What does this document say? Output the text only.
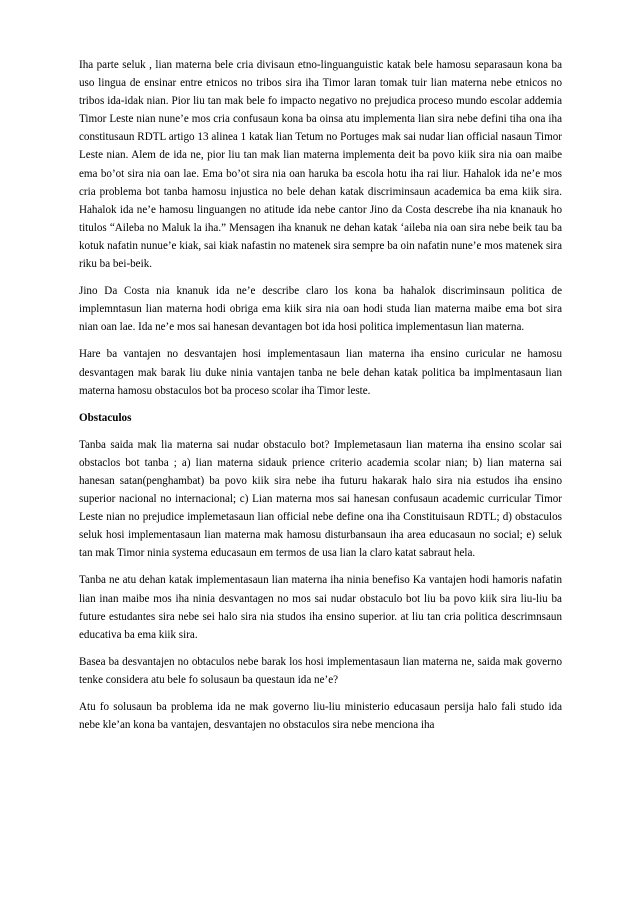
Iha parte seluk , lian materna bele cria divisaun etno-linguanguistic katak bele hamosu separasaun kona ba uso lingua de ensinar entre etnicos no tribos sira iha Timor laran tomak tuir lian materna nebe etnicos no tribos ida-idak nian. Pior liu tan mak bele fo impacto negativo no prejudica proceso mundo escolar addemia Timor Leste nian nune’e mos cria confusaun kona ba oinsa atu implementa lian sira nebe defini tiha ona iha constitusaun RDTL artigo 13 alinea 1 katak lian Tetum no Portuges mak sai nudar lian official nasaun Timor Leste nian. Alem de ida ne, pior liu tan mak lian materna implementa deit ba povo kiik sira nia oan maibe ema bo’ot sira nia oan lae. Ema bo’ot sira nia oan haruka ba escola hotu iha rai liur. Hahalok ida ne’e mos cria problema bot tanba hamosu injustica no bele dehan katak discriminsaun academica ba ema kiik sira. Hahalok ida ne’e hamosu linguangen no atitude ida nebe cantor Jino da Costa descrebe iha nia knanauk ho titulos “Aileba no Maluk la iha.” Mensagen iha knanuk ne dehan katak ‘aileba nia oan sira nebe beik tau ba kotuk nafatin nunue’e kiak, sai kiak nafastin no matenek sira sempre ba oin nafatin nune’e mos matenek sira riku ba bei-beik.

Jino Da Costa nia knanuk ida ne’e describe claro los kona ba hahalok discriminsaun politica de implemntasun lian materna hodi obriga ema kiik sira nia oan hodi studa lian materna maibe ema bot sira nian oan lae. Ida ne’e mos sai hanesan devantagen bot ida hosi politica implementasun lian materna.

Hare ba vantajen no desvantajen hosi implementasaun lian materna iha ensino curicular ne hamosu desvantagen mak barak liu duke ninia vantajen tanba ne bele dehan katak politica ba implmentasaun lian materna hamosu obstaculos bot ba proceso scolar iha Timor leste.

Obstaculos

Tanba saida mak lia materna sai nudar obstaculo bot? Implemetasaun lian materna iha ensino scolar sai obstaclos bot tanba ; a) lian materna sidauk prience criterio academia scolar nian; b) lian materna sai hanesan satan(penghambat) ba povo kiik sira nebe iha futuru hakarak halo sira nia estudos iha ensino superior nacional no internacional; c) Lian materna mos sai hanesan confusaun academic curricular Timor Leste nian no prejudice implemetasaun lian official nebe define ona iha Constituisaun RDTL; d) obstaculos seluk hosi implementasaun lian materna mak hamosu disturbansaun iha area educasaun no social; e) seluk tan mak Timor ninia systema educasaun em termos de usa lian la claro katat sabraut hela.

Tanba ne atu dehan katak implementasaun lian materna iha ninia benefiso Ka vantajen hodi hamoris nafatin lian inan maibe mos iha ninia desvantagen no mos sai nudar obstaculo bot liu ba povo kiik sira liu-liu ba future estudantes sira nebe sei halo sira nia studos iha ensino superior. at liu tan cria politica descrimnsaun educativa ba ema kiik sira.

Basea ba desvantajen no obtaculos nebe barak los hosi implementasaun lian materna ne, saida mak governo tenke considera atu bele fo solusaun ba questaun ida ne’e?

Atu fo solusaun ba problema ida ne mak governo liu-liu ministerio educasaun persija halo fali studo ida nebe kle’an kona ba vantajen, desvantajen no obstaculos sira nebe menciona iha
